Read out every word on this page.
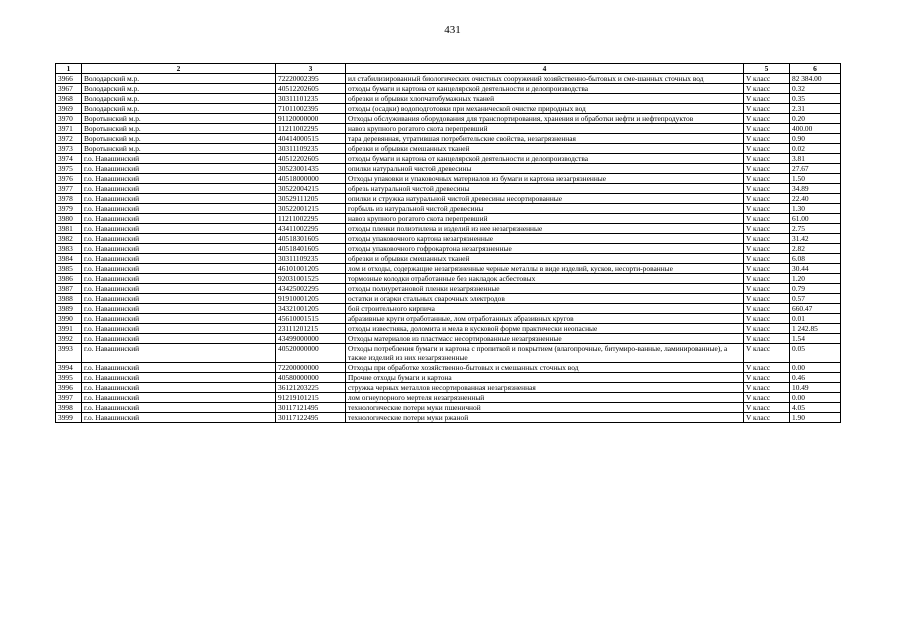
431
1	2	3	4	5	6
3966	Володарский м.р.	72220002395	ил стабилизированный биологических очистных сооружений хозяйственно-бытовых и сме-шанных сточных вод	V класс	82 384.00
3967	Володарский м.р.	40512202605	отходы бумаги и картона от канцелярской деятельности и делопроизводства	V класс	0.32
3968	Володарский м.р.	30311101235	обрезки и обрывки хлопчатобумажных тканей	V класс	0.35
3969	Володарский м.р.	71011002395	отходы (осадки) водоподготовки при механической очистке природных вод	V класс	2.31
3970	Воротынский м.р.	91120000000	Отходы обслуживания оборудования для транспортирования, хранения и обработки нефти и нефтепродуктов	V класс	0.20
3971	Воротынский м.р.	11211002295	навоз крупного рогатого скота перепревший	V класс	400.00
3972	Воротынский м.р.	40414000515	тара деревянная, утратившая потребительские свойства, незагрязненная	V класс	0.90
3973	Воротынский м.р.	30311109235	обрезки и обрывки смешанных тканей	V класс	0.02
3974	г.о. Навашинский	40512202605	отходы бумаги и картона от канцелярской деятельности и делопроизводства	V класс	3.81
3975	г.о. Навашинский	30523001435	опилки натуральной чистой древесины	V класс	27.67
3976	г.о. Навашинский	40518000000	Отходы упаковки и упаковочных материалов из бумаги и картона незагрязненные	V класс	1.50
3977	г.о. Навашинский	30522004215	обрезь натуральной чистой древесины	V класс	34.89
3978	г.о. Навашинский	30529111205	опилки и стружка натуральной чистой древесины несортированные	V класс	22.40
3979	г.о. Навашинский	30522001215	горбыль из натуральной чистой древесины	V класс	1.30
3980	г.о. Навашинский	11211002295	навоз крупного рогатого скота перепревший	V класс	61.00
3981	г.о. Навашинский	43411002295	отходы пленки полиэтилена и изделий из нее незагрязненные	V класс	2.75
3982	г.о. Навашинский	40518301605	отходы упаковочного картона незагрязненные	V класс	31.42
3983	г.о. Навашинский	40518401605	отходы упаковочного гофрокартона незагрязненные	V класс	2.82
3984	г.о. Навашинский	30311109235	обрезки и обрывки смешанных тканей	V класс	6.08
3985	г.о. Навашинский	46101001205	лом и отходы, содержащие незагрязненные черные металлы в виде изделий, кусков, несорти-рованные	V класс	30.44
3986	г.о. Навашинский	92031001525	тормозные колодки отработанные без накладок асбестовых	V класс	1.20
3987	г.о. Навашинский	43425002295	отходы полиуретановой пленки незагрязненные	V класс	0.79
3988	г.о. Навашинский	91910001205	остатки и огарки стальных сварочных электродов	V класс	0.57
3989	г.о. Навашинский	34321001205	бой строительного кирпича	V класс	660.47
3990	г.о. Навашинский	45610001515	абразивные круги отработанные, лом отработанных абразивных кругов	V класс	0.01
3991	г.о. Навашинский	23111201215	отходы известняка, доломита и мела в кусковой форме практически неопасные	V класс	1 242.85
3992	г.о. Навашинский	43499000000	Отходы материалов из пластмасс несортированные незагрязненные	V класс	1.54
3993	г.о. Навашинский	40520000000	Отходы потребления бумаги и картона с пропиткой и покрытием (влагопрочные, битумиро-ванные, ламинированные), а также изделий из них незагрязненные	V класс	0.05
3994	г.о. Навашинский	72200000000	Отходы при обработке хозяйственно-бытовых и смешанных сточных вод	V класс	0.00
3995	г.о. Навашинский	40580000000	Прочие отходы бумаги и картона	V класс	0.46
3996	г.о. Навашинский	36121203225	стружка черных металлов несортированная незагрязненная	V класс	10.49
3997	г.о. Навашинский	91219101215	лом огнеупорного мертеля незагрязненный	V класс	0.00
3998	г.о. Навашинский	30117121495	технологические потери муки пшеничной	V класс	4.05
3999	г.о. Навашинский	30117122495	технологические потери муки ржаной	V класс	1.90
